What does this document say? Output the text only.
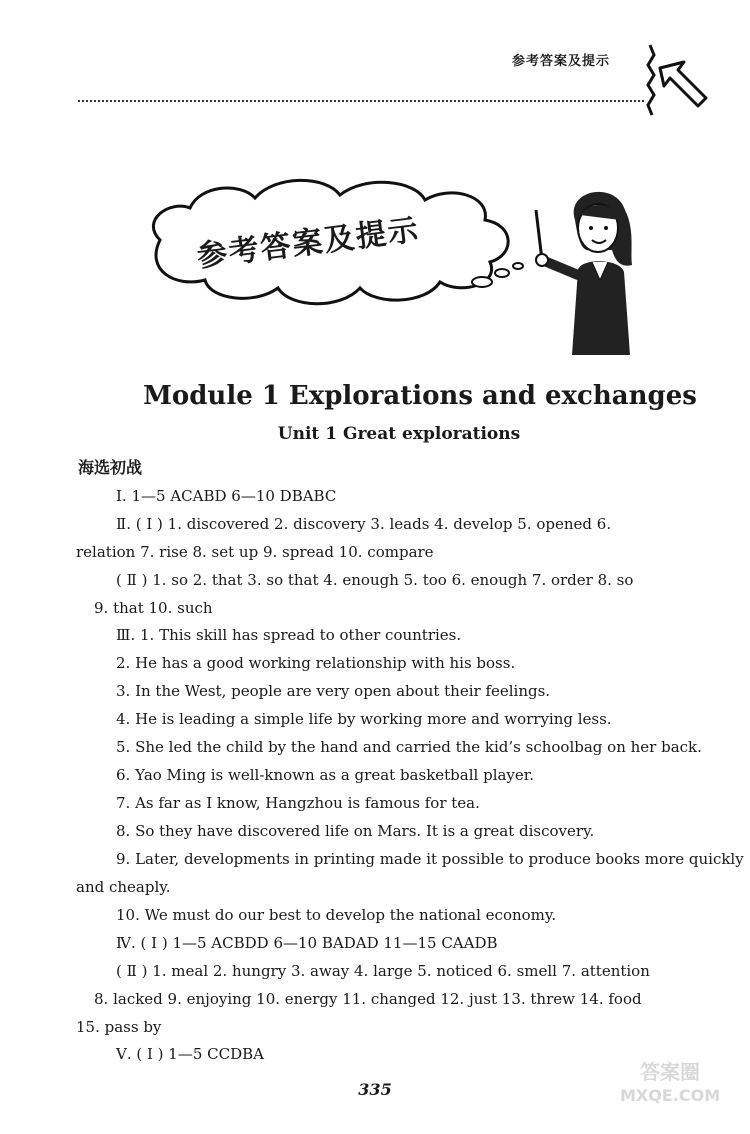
参考答案及提示
参考答案及提示
Module 1 Explorations and exchanges
Unit 1 Great explorations
海选初战
Ⅰ. 1—5 ACABD 6—10 DBABC
Ⅱ. ( Ⅰ ) 1. discovered 2. discovery 3. leads 4. develop 5. opened 6.
relation 7. rise 8. set up 9. spread 10. compare
( Ⅱ ) 1. so 2. that 3. so that 4. enough 5. too 6. enough 7. order 8. so
9. that 10. such
Ⅲ. 1. This skill has spread to other countries.
2. He has a good working relationship with his boss.
3. In the West, people are very open about their feelings.
4. He is leading a simple life by working more and worrying less.
5. She led the child by the hand and carried the kid’s schoolbag on her back.
6. Yao Ming is well-known as a great basketball player.
7. As far as I know, Hangzhou is famous for tea.
8. So they have discovered life on Mars. It is a great discovery.
9. Later, developments in printing made it possible to produce books more quickly
and cheaply.
10. We must do our best to develop the national economy.
Ⅳ. ( Ⅰ ) 1—5 ACBDD 6—10 BADAD 11—15 CAADB
( Ⅱ ) 1. meal 2. hungry 3. away 4. large 5. noticed 6. smell 7. attention
8. lacked 9. enjoying 10. energy 11. changed 12. just 13. threw 14. food
15. pass by
Ⅴ. ( Ⅰ ) 1—5 CCDBA
335
答案圈
MXQE.COM
